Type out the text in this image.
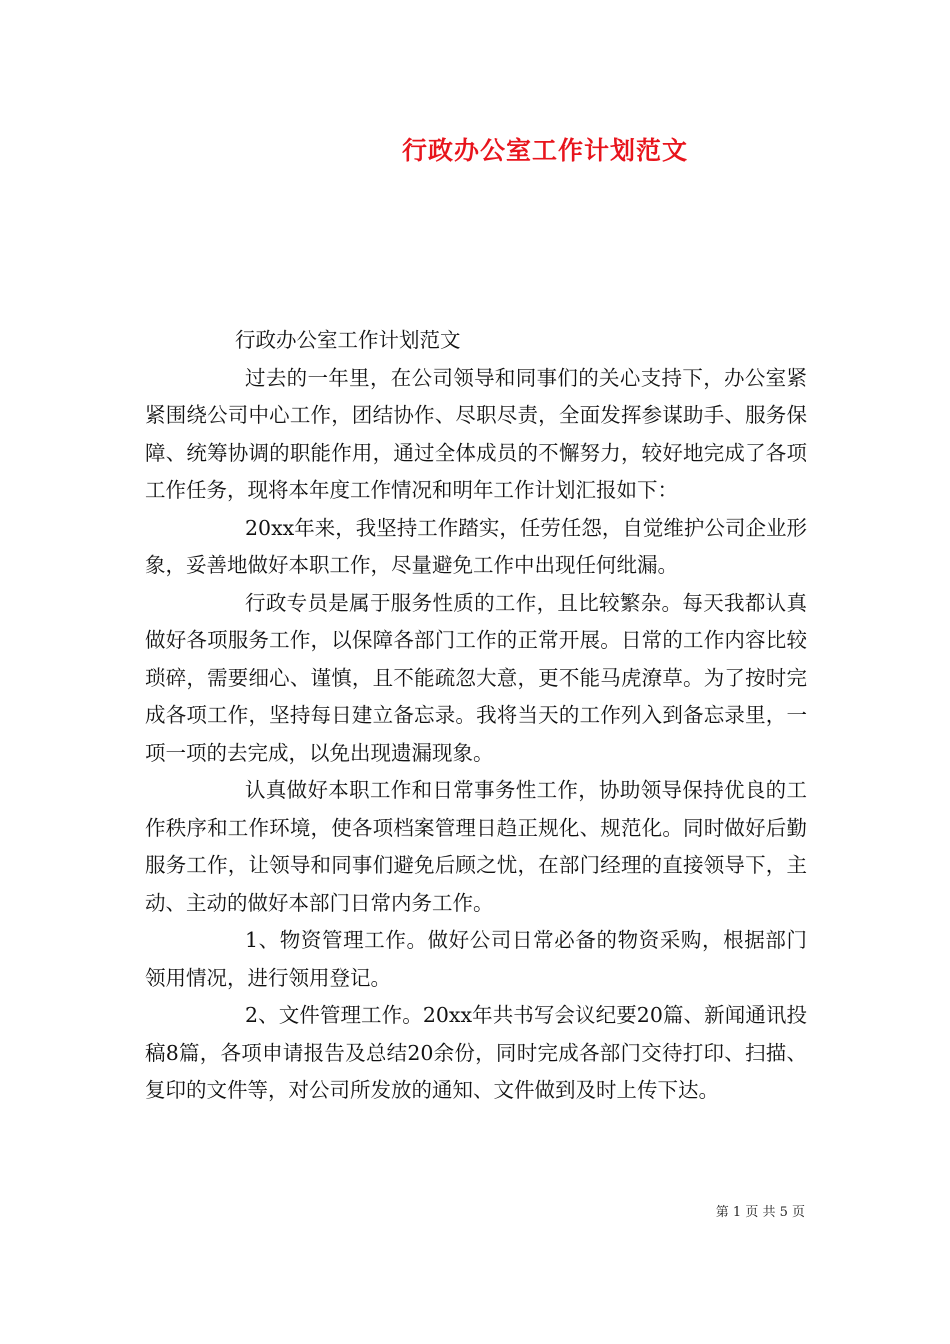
行政办公室工作计划范文

行政办公室工作计划范文

过去的一年里，在公司领导和同事们的关心支持下，办公室紧紧围绕公司中心工作，团结协作、尽职尽责，全面发挥参谋助手、服务保障、统筹协调的职能作用，通过全体成员的不懈努力，较好地完成了各项工作任务，现将本年度工作情况和明年工作计划汇报如下：

20xx年来，我坚持工作踏实，任劳任怨，自觉维护公司企业形象，妥善地做好本职工作，尽量避免工作中出现任何纰漏。

行政专员是属于服务性质的工作，且比较繁杂。每天我都认真做好各项服务工作，以保障各部门工作的正常开展。日常的工作内容比较琐碎，需要细心、谨慎，且不能疏忽大意，更不能马虎潦草。为了按时完成各项工作，坚持每日建立备忘录。我将当天的工作列入到备忘录里，一项一项的去完成，以免出现遗漏现象。

认真做好本职工作和日常事务性工作，协助领导保持优良的工作秩序和工作环境，使各项档案管理日趋正规化、规范化。同时做好后勤服务工作，让领导和同事们避免后顾之忧，在部门经理的直接领导下，主动、主动的做好本部门日常内务工作。

1、物资管理工作。做好公司日常必备的物资采购，根据部门领用情况，进行领用登记。

2、文件管理工作。20xx年共书写会议纪要20篇、新闻通讯投稿8篇，各项申请报告及总结20余份，同时完成各部门交待打印、扫描、复印的文件等，对公司所发放的通知、文件做到及时上传下达。

第 1 页 共 5 页
